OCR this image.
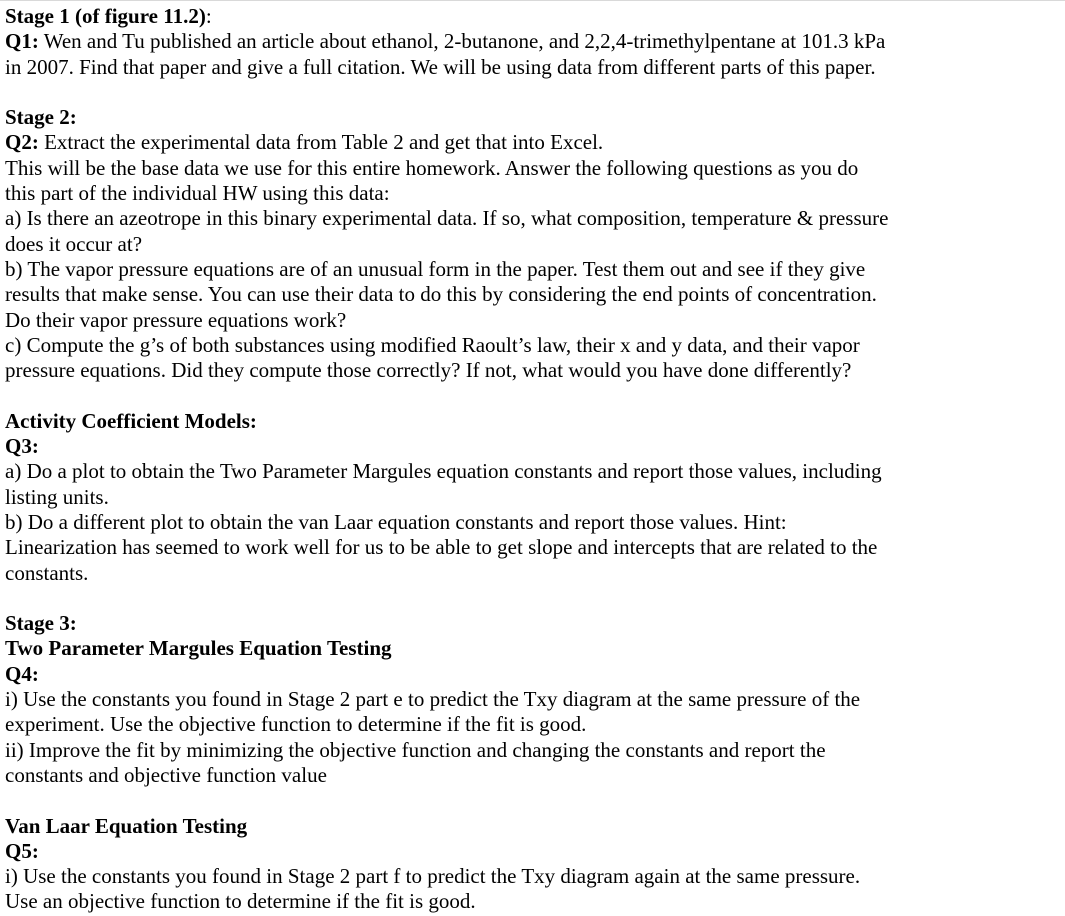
Stage 1 (of figure 11.2):

Q1: Wen and Tu published an article about ethanol, 2-butanone, and 2,2,4-trimethylpentane at 101.3 kPa

in 2007. Find that paper and give a full citation. We will be using data from different parts of this paper.

Stage 2:

Q2: Extract the experimental data from Table 2 and get that into Excel.

This will be the base data we use for this entire homework. Answer the following questions as you do

this part of the individual HW using this data:

a) Is there an azeotrope in this binary experimental data. If so, what composition, temperature & pressure

does it occur at?

b) The vapor pressure equations are of an unusual form in the paper. Test them out and see if they give

results that make sense. You can use their data to do this by considering the end points of concentration.

Do their vapor pressure equations work?

c) Compute the g’s of both substances using modified Raoult’s law, their x and y data, and their vapor

pressure equations. Did they compute those correctly? If not, what would you have done differently?

Activity Coefficient Models:

Q3:

a) Do a plot to obtain the Two Parameter Margules equation constants and report those values, including

listing units.

b) Do a different plot to obtain the van Laar equation constants and report those values. Hint:

Linearization has seemed to work well for us to be able to get slope and intercepts that are related to the

constants.

Stage 3:

Two Parameter Margules Equation Testing

Q4:

i) Use the constants you found in Stage 2 part e to predict the Txy diagram at the same pressure of the

experiment. Use the objective function to determine if the fit is good.

ii) Improve the fit by minimizing the objective function and changing the constants and report the

constants and objective function value

Van Laar Equation Testing

Q5:

i) Use the constants you found in Stage 2 part f to predict the Txy diagram again at the same pressure.

Use an objective function to determine if the fit is good.
